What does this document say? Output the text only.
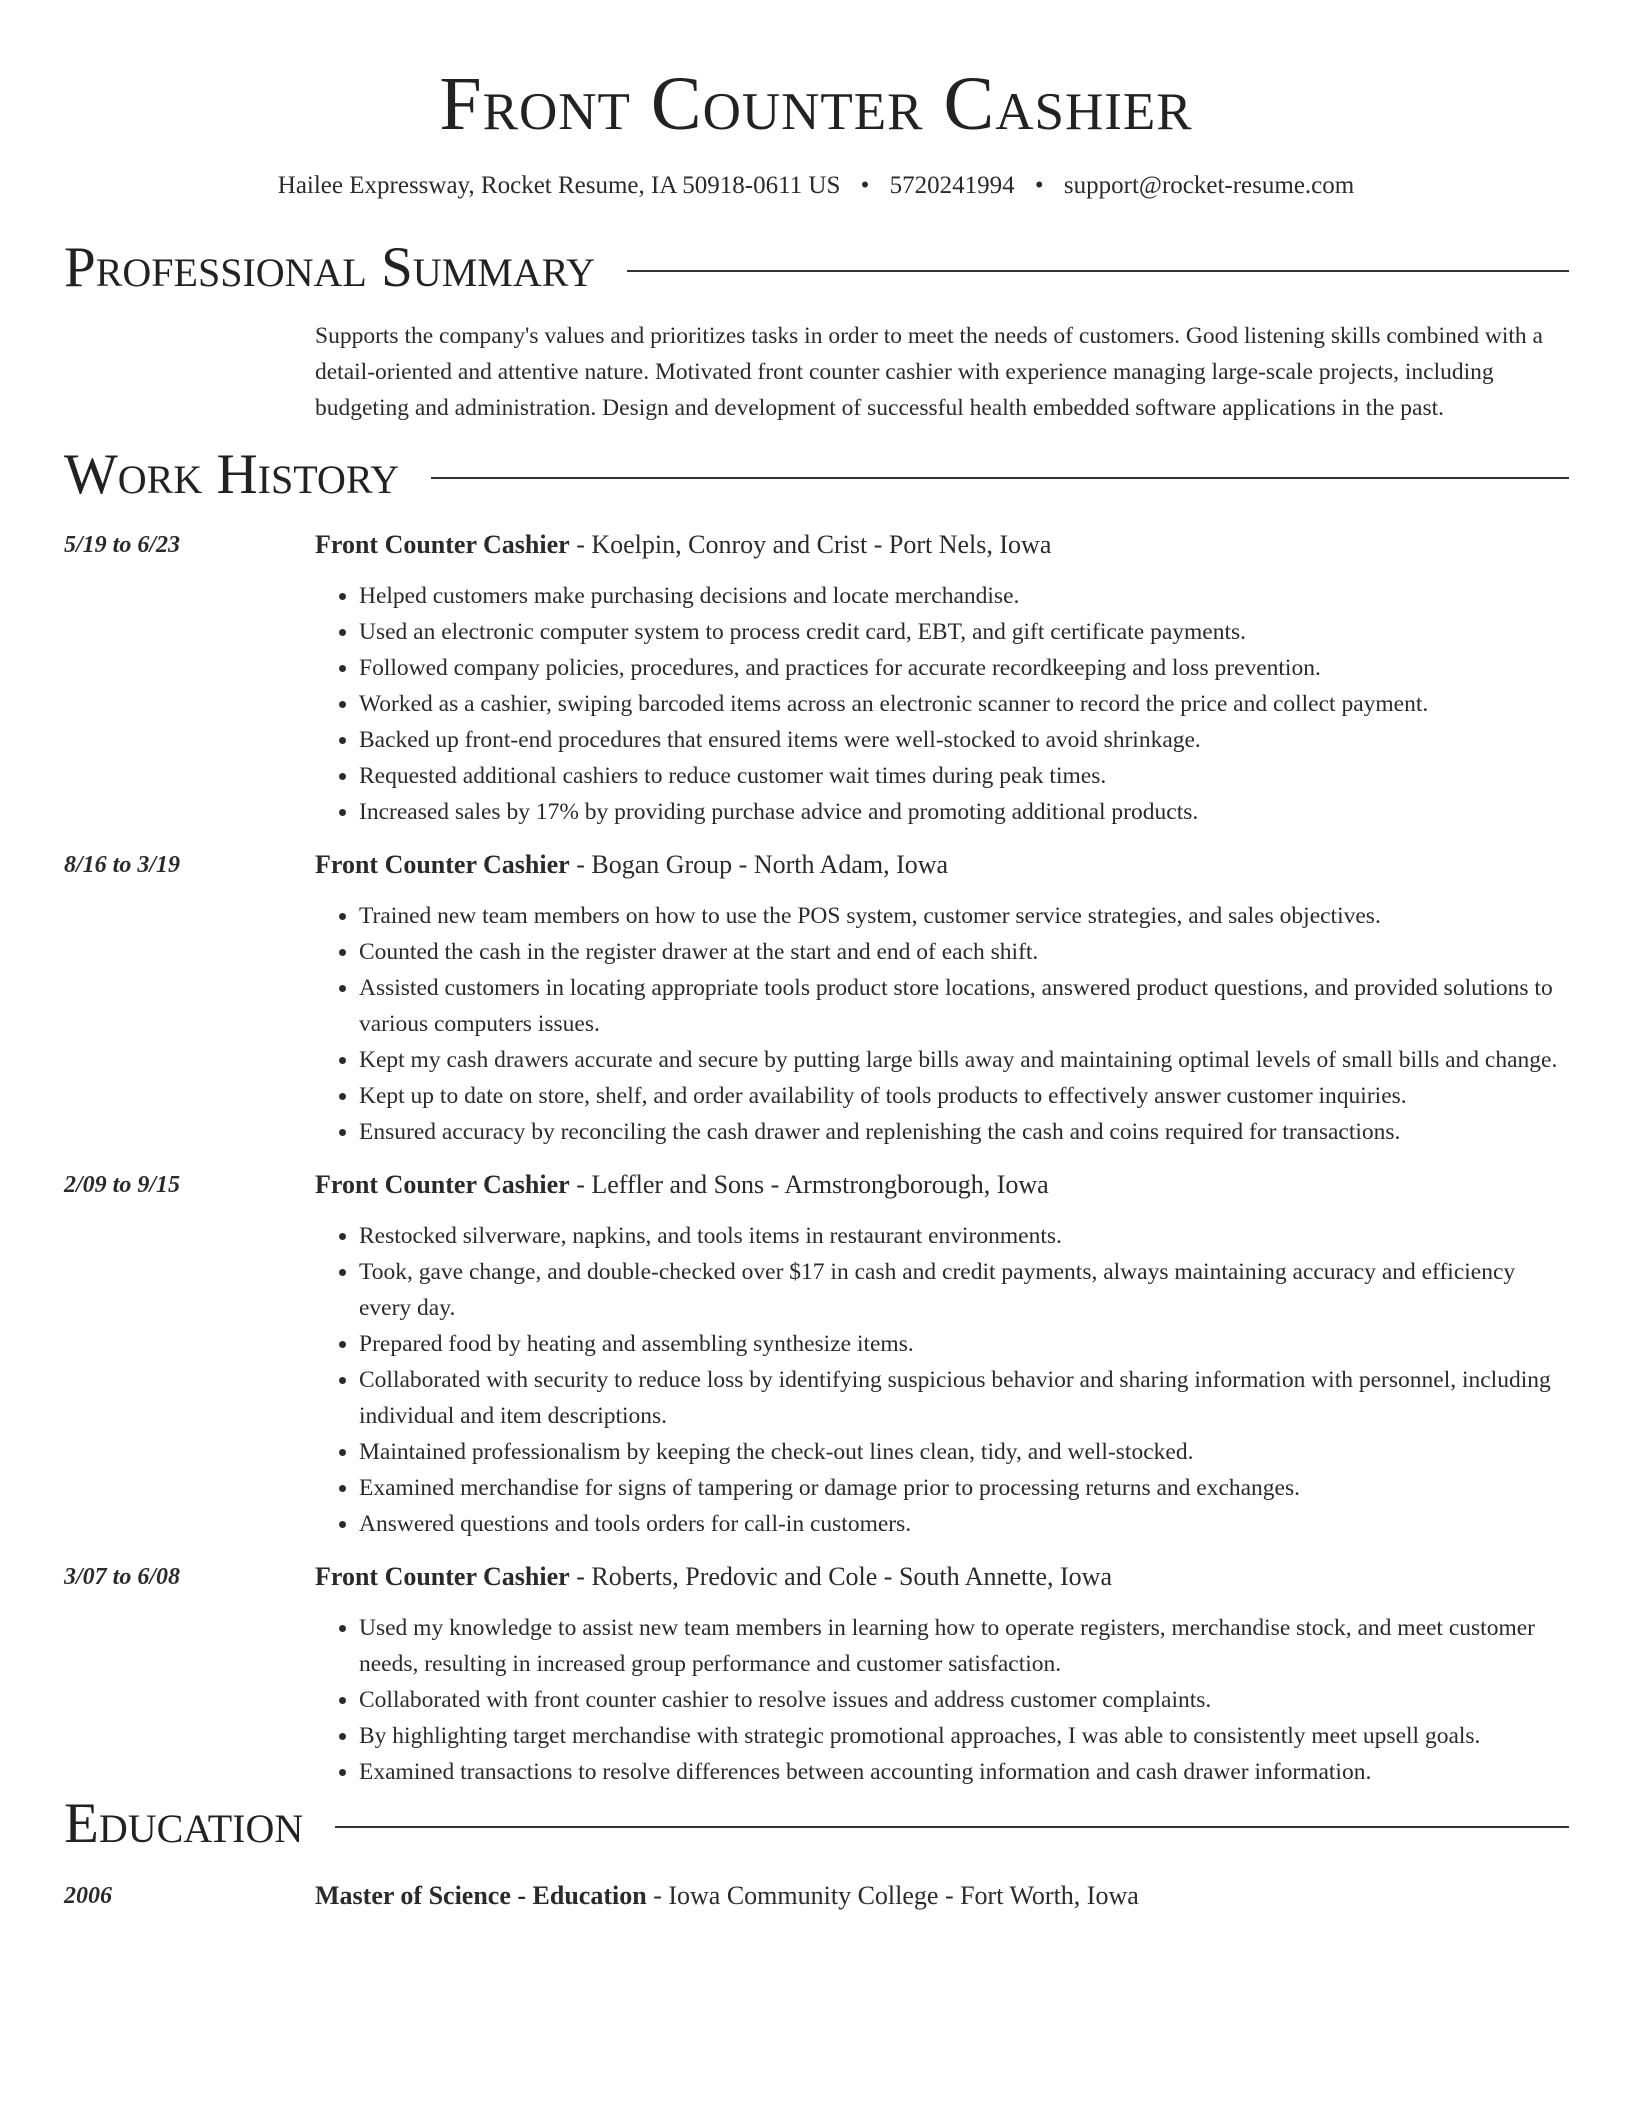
Front Counter Cashier
Hailee Expressway, Rocket Resume, IA 50918-0611 US • 5720241994 • support@rocket-resume.com
Professional Summary

Supports the company's values and prioritizes tasks in order to meet the needs of customers. Good listening skills combined with a detail-oriented and attentive nature. Motivated front counter cashier with experience managing large-scale projects, including budgeting and administration. Design and development of successful health embedded software applications in the past.

Work History
5/19 to 6/23	Front Counter Cashier - Koelpin, Conroy and Crist - Port Nels, Iowa
• Helped customers make purchasing decisions and locate merchandise.
• Used an electronic computer system to process credit card, EBT, and gift certificate payments.
• Followed company policies, procedures, and practices for accurate recordkeeping and loss prevention.
• Worked as a cashier, swiping barcoded items across an electronic scanner to record the price and collect payment.
• Backed up front-end procedures that ensured items were well-stocked to avoid shrinkage.
• Requested additional cashiers to reduce customer wait times during peak times.
• Increased sales by 17% by providing purchase advice and promoting additional products.
8/16 to 3/19	Front Counter Cashier - Bogan Group - North Adam, Iowa
• Trained new team members on how to use the POS system, customer service strategies, and sales objectives.
• Counted the cash in the register drawer at the start and end of each shift.
• Assisted customers in locating appropriate tools product store locations, answered product questions, and provided solutions to various computers issues.
• Kept my cash drawers accurate and secure by putting large bills away and maintaining optimal levels of small bills and change.
• Kept up to date on store, shelf, and order availability of tools products to effectively answer customer inquiries.
• Ensured accuracy by reconciling the cash drawer and replenishing the cash and coins required for transactions.
2/09 to 9/15	Front Counter Cashier - Leffler and Sons - Armstrongborough, Iowa
• Restocked silverware, napkins, and tools items in restaurant environments.
• Took, gave change, and double-checked over $17 in cash and credit payments, always maintaining accuracy and efficiency every day.
• Prepared food by heating and assembling synthesize items.
• Collaborated with security to reduce loss by identifying suspicious behavior and sharing information with personnel, including individual and item descriptions.
• Maintained professionalism by keeping the check-out lines clean, tidy, and well-stocked.
• Examined merchandise for signs of tampering or damage prior to processing returns and exchanges.
• Answered questions and tools orders for call-in customers.
3/07 to 6/08	Front Counter Cashier - Roberts, Predovic and Cole - South Annette, Iowa
• Used my knowledge to assist new team members in learning how to operate registers, merchandise stock, and meet customer needs, resulting in increased group performance and customer satisfaction.
• Collaborated with front counter cashier to resolve issues and address customer complaints.
• By highlighting target merchandise with strategic promotional approaches, I was able to consistently meet upsell goals.
• Examined transactions to resolve differences between accounting information and cash drawer information.
Education
2006	Master of Science - Education - Iowa Community College - Fort Worth, Iowa
